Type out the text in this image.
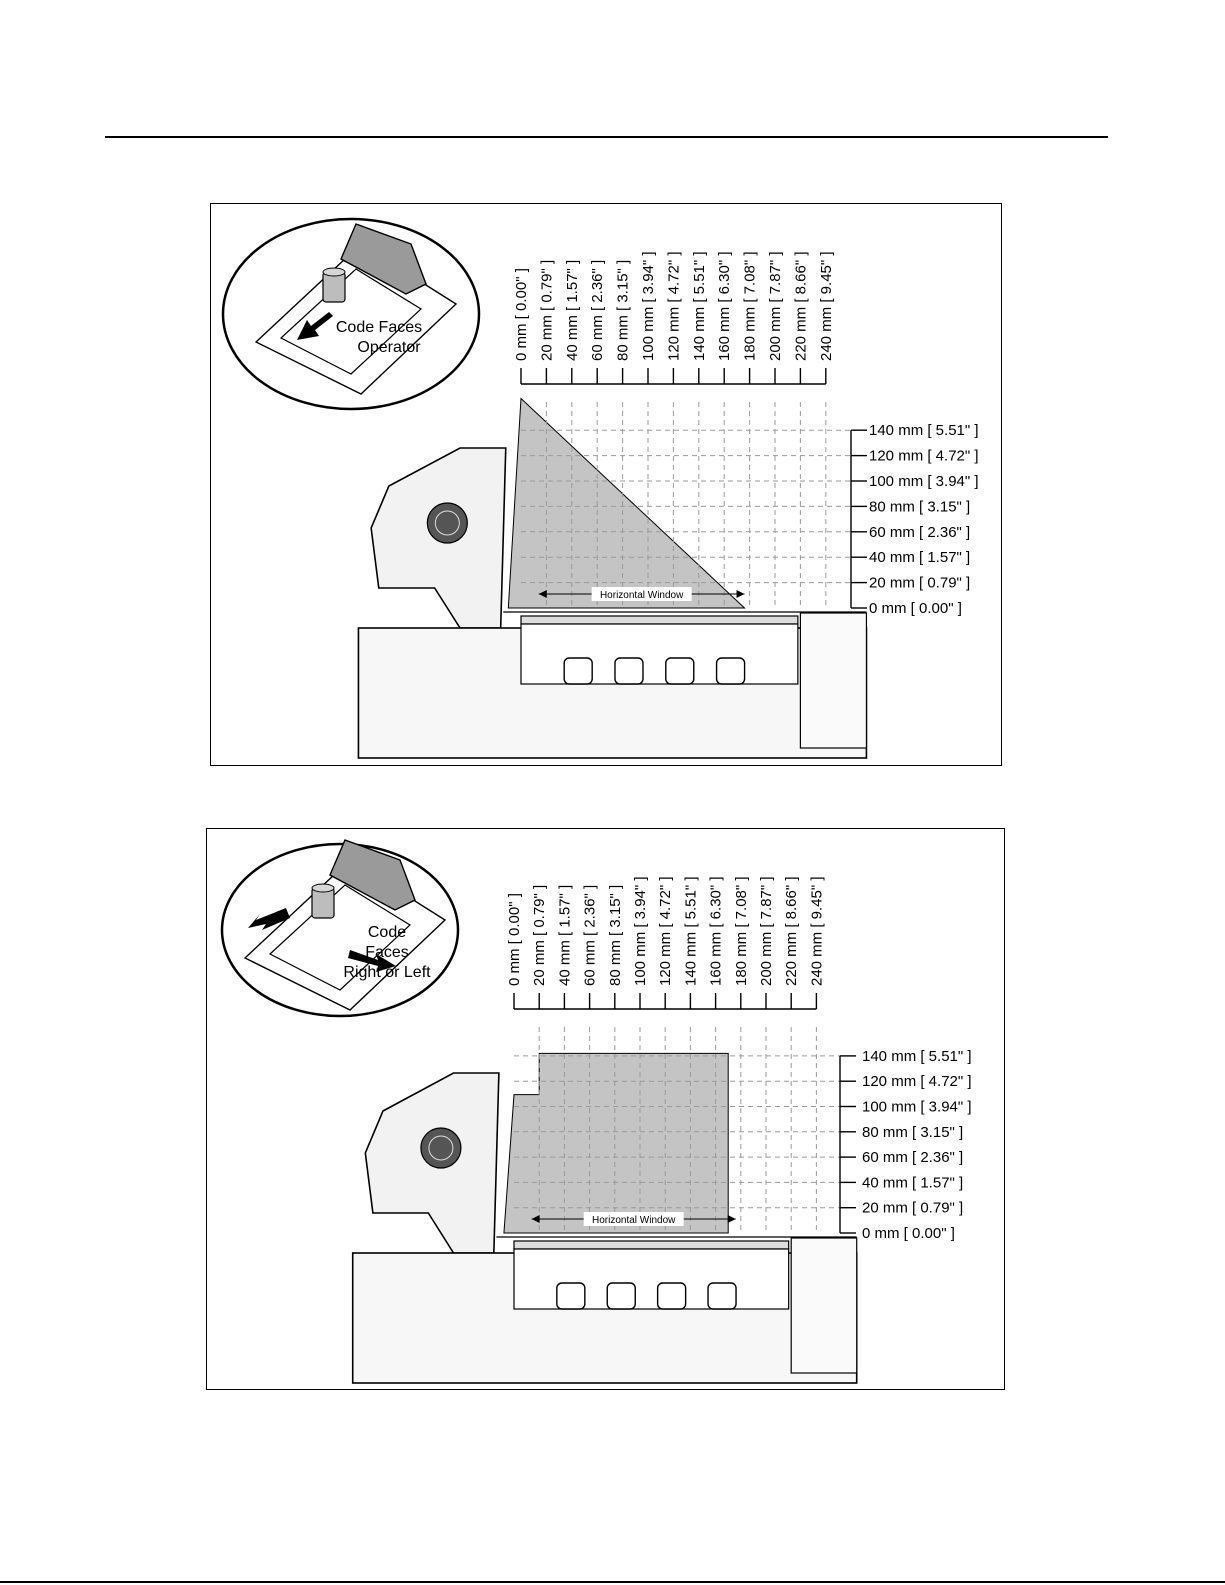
Code Faces
Operator	0 mm [ 0.00" ] 20 mm [ 0.79" ] 40 mm [ 1.57" ] 60 mm [ 2.36" ] 80 mm [ 3.15" ] 100 mm [ 3.94" ] 120 mm [ 4.72" ] 140 mm [ 5.51" ] 160 mm [ 6.30" ] 180 mm [ 7.08" ] 200 mm [ 7.87" ] 220 mm [ 8.66" ] 240 mm [ 9.45" ]
140 mm [ 5.51" ]
120 mm [ 4.72" ]
100 mm [ 3.94" ]
80 mm [ 3.15" ]
60 mm [ 2.36" ]
40 mm [ 1.57" ]
20 mm [ 0.79" ]
0 mm [ 0.00" ]
Horizontal Window
Code
Faces
Right or Left	0 mm [ 0.00" ] 20 mm [ 0.79" ] 40 mm [ 1.57" ] 60 mm [ 2.36" ] 80 mm [ 3.15" ] 100 mm [ 3.94" ] 120 mm [ 4.72" ] 140 mm [ 5.51" ] 160 mm [ 6.30" ] 180 mm [ 7.08" ] 200 mm [ 7.87" ] 220 mm [ 8.66" ] 240 mm [ 9.45" ]
140 mm [ 5.51" ]
120 mm [ 4.72" ]
100 mm [ 3.94" ]
80 mm [ 3.15" ]
60 mm [ 2.36" ]
40 mm [ 1.57" ]
20 mm [ 0.79" ]
0 mm [ 0.00" ]
Horizontal Window
